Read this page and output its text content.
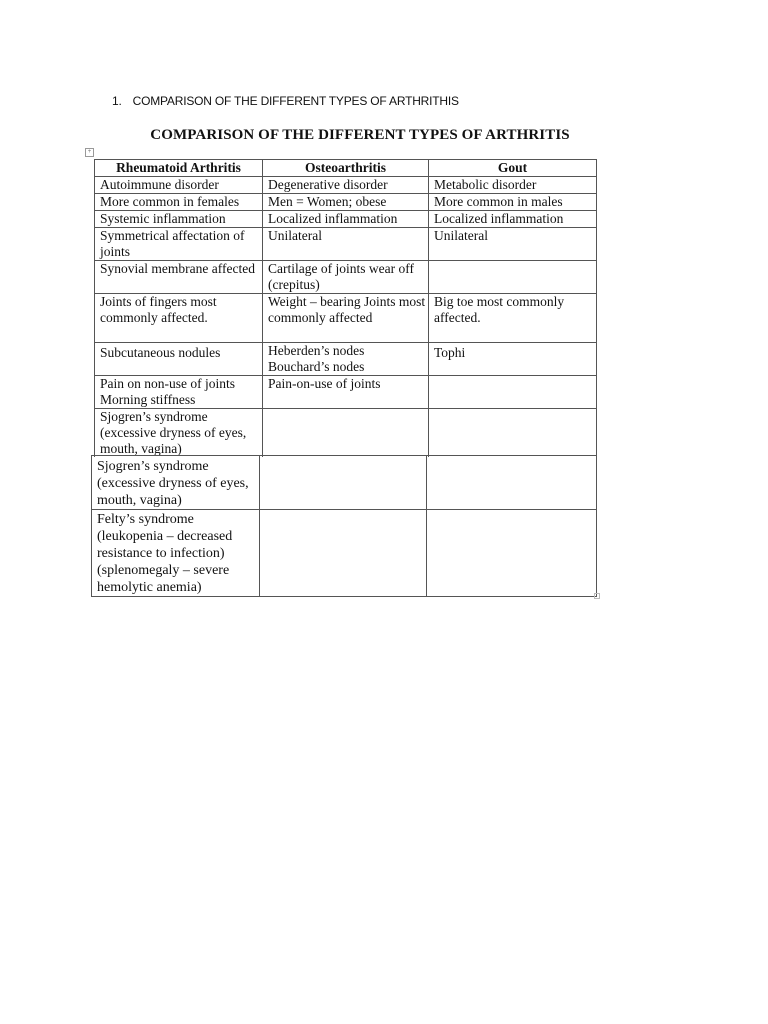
1. COMPARISON OF THE DIFFERENT TYPES OF ARTHRITHIS
COMPARISON OF THE DIFFERENT TYPES OF ARTHRITIS
+
Rheumatoid Arthritis	Osteoarthritis	Gout
Autoimmune disorder	Degenerative disorder	Metabolic disorder
More common in females	Men = Women; obese	More common in males
Systemic inflammation	Localized inflammation	Localized inflammation
Symmetrical affectation of joints	Unilateral	Unilateral
Synovial membrane affected	Cartilage of joints wear off (crepitus)	
Joints of fingers most commonly affected.	Weight – bearing Joints most commonly affected	Big toe most commonly affected.
Subcutaneous nodules	Heberden’s nodes Bouchard’s nodes	Tophi
Pain on non-use of joints Morning stiffness	Pain-on-use of joints	
Sjogren’s syndrome (excessive dryness of eyes, mouth, vagina)		
Sjogren’s syndrome (excessive dryness of eyes, mouth, vagina)		
Felty’s syndrome (leukopenia – decreased resistance to infection) (splenomegaly – severe hemolytic anemia)		
